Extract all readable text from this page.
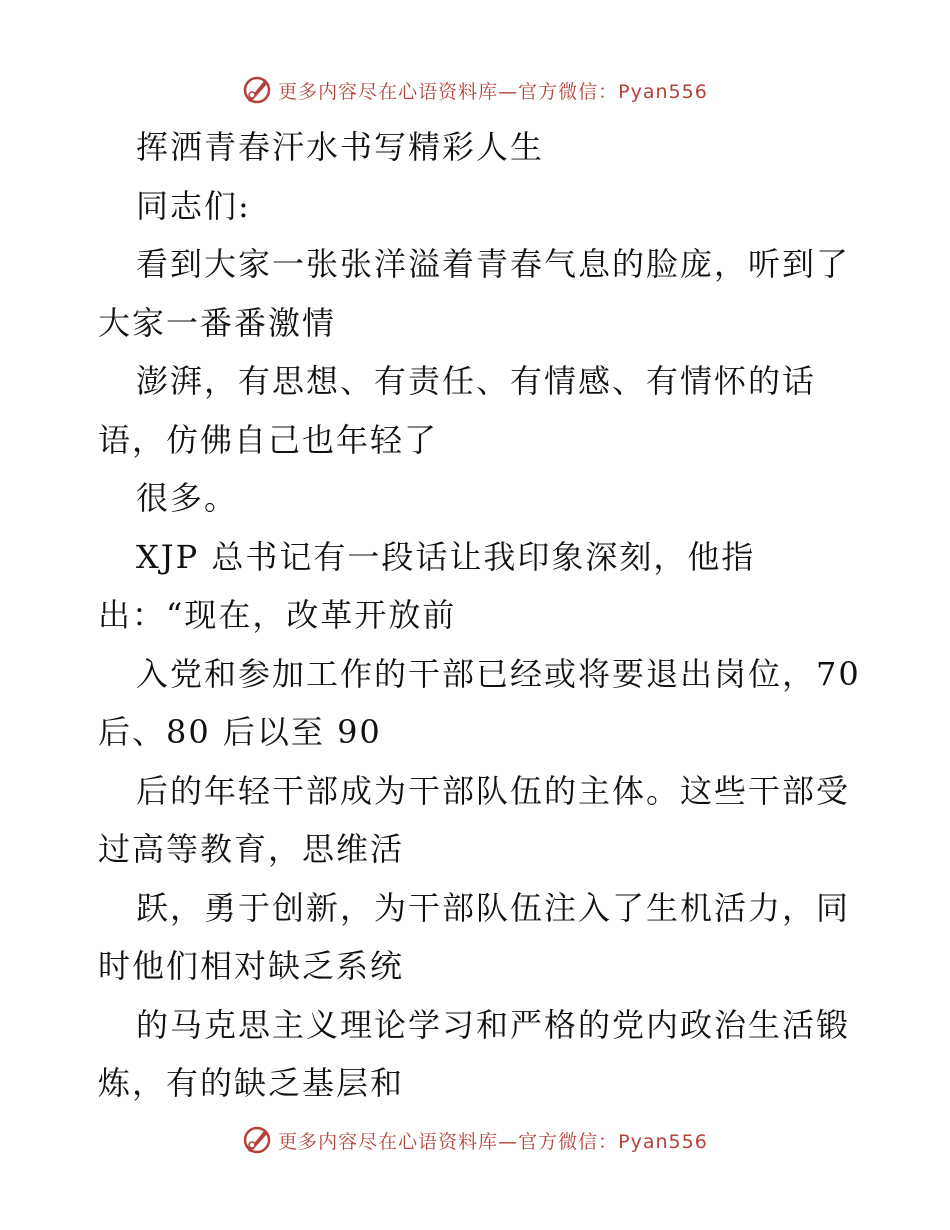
更多内容尽在心语资料库—官方微信：Pyan556
挥洒青春汗水书写精彩人生
同志们:
看到大家一张张洋溢着青春气息的脸庞，听到了
大家一番番激情
澎湃，有思想、有责任、有情感、有情怀的话
语，仿佛自己也年轻了
很多。
XJP 总书记有一段话让我印象深刻，他指
出：“现在，改革开放前
入党和参加工作的干部已经或将要退出岗位，70
后、80 后以至 90
后的年轻干部成为干部队伍的主体。这些干部受
过高等教育，思维活
跃，勇于创新，为干部队伍注入了生机活力，同
时他们相对缺乏系统
的马克思主义理论学习和严格的党内政治生活锻
炼，有的缺乏基层和
更多内容尽在心语资料库—官方微信：Pyan556
